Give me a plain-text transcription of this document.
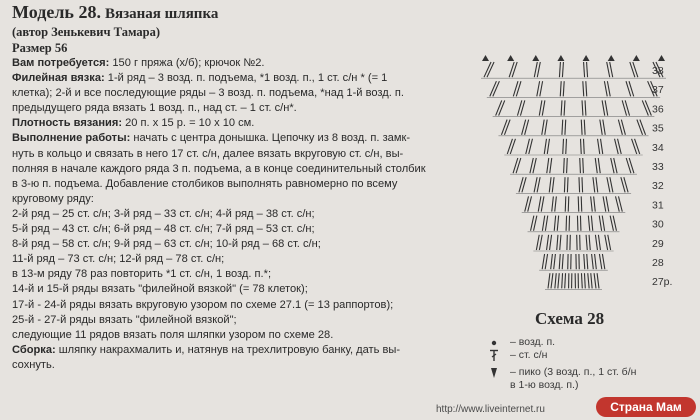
Модель 28. Вязаная шляпка
(автор Зенькевич Тамара)
Размер 56
Вам потребуется: 150 г пряжа (х/б); крючок №2.
Филейная вязка: 1-й ряд – 3 возд. п. подъема, *1 возд. п., 1 ст. с/н * (= 1
клетка); 2-й и все последующие ряды – 3 возд. п. подъема, *над 1-й возд. п.
предыдущего ряда вязать 1 возд. п., над ст. – 1 ст. с/н*.
Плотность вязания: 20 п. х 15 р. = 10 х 10 см.
Выполнение работы: начать с центра донышка. Цепочку из 8 возд. п. замк-
нуть в кольцо и связать в него 17 ст. с/н, далее вязать вкруговую ст. с/н, вы-
полняя в начале каждого ряда 3 п. подъема, а в конце соединительный столбик
в 3-ю п. подъема. Добавление столбиков выполнять равномерно по всему
круговому ряду:
2-й ряд – 25 ст. с/н; 3-й ряд – 33 ст. с/н; 4-й ряд – 38 ст. с/н;
5-й ряд – 43 ст. с/н; 6-й ряд – 48 ст. с/н; 7-й ряд – 53 ст. с/н;
8-й ряд – 58 ст. с/н; 9-й ряд – 63 ст. с/н; 10-й ряд – 68 ст. с/н;
11-й ряд – 73 ст. с/н; 12-й ряд – 78 ст. с/н;
в 13-м ряду 78 раз повторить *1 ст. с/н, 1 возд. п.*;
14-й и 15-й ряды вязать "филейной вязкой" (= 78 клеток);
17-й - 24-й ряды вязать вкруговую узором по схеме 27.1 (= 13 раппортов);
25-й - 27-й ряды вязать "филейной вязкой";
следующие 11 рядов вязать поля шляпки узором по схеме 28.
Сборка: шляпку накрахмалить и, натянув на трехлитровую банку, дать вы-
сохнуть.
38
37
36
35
34
33
32
31
30
29
28
27р.
Схема 28
– возд. п.
– ст. с/н
– пико (3 возд. п., 1 ст. б/н
в 1-ю возд. п.)
http://www.liveinternet.ru	Страна Мам
